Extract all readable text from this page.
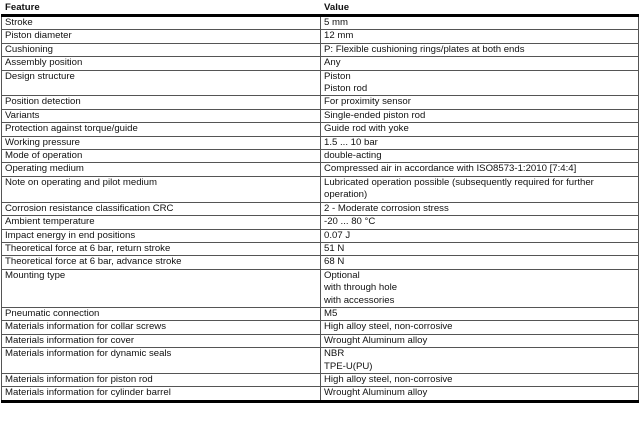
Feature	Value
Stroke	5 mm

Piston diameter	12 mm

Cushioning	P: Flexible cushioning rings/plates at both ends

Assembly position	Any

Design structure	Piston
Piston rod

Position detection	For proximity sensor

Variants	Single-ended piston rod

Protection against torque/guide	Guide rod with yoke

Working pressure	1.5 ... 10 bar

Mode of operation	double-acting

Operating medium	Compressed air in accordance with ISO8573-1:2010 [7:4:4]

Note on operating and pilot medium	Lubricated operation possible (subsequently required for further
operation)

Corrosion resistance classification CRC	2 - Moderate corrosion stress

Ambient temperature	-20 ... 80 °C

Impact energy in end positions	0.07 J

Theoretical force at 6 bar, return stroke	51 N

Theoretical force at 6 bar, advance stroke	68 N

Mounting type	Optional
with through hole
with accessories

Pneumatic connection	M5

Materials information for collar screws	High alloy steel, non-corrosive

Materials information for cover	Wrought Aluminum alloy

Materials information for dynamic seals	NBR
TPE-U(PU)

Materials information for piston rod	High alloy steel, non-corrosive

Materials information for cylinder barrel	Wrought Aluminum alloy
